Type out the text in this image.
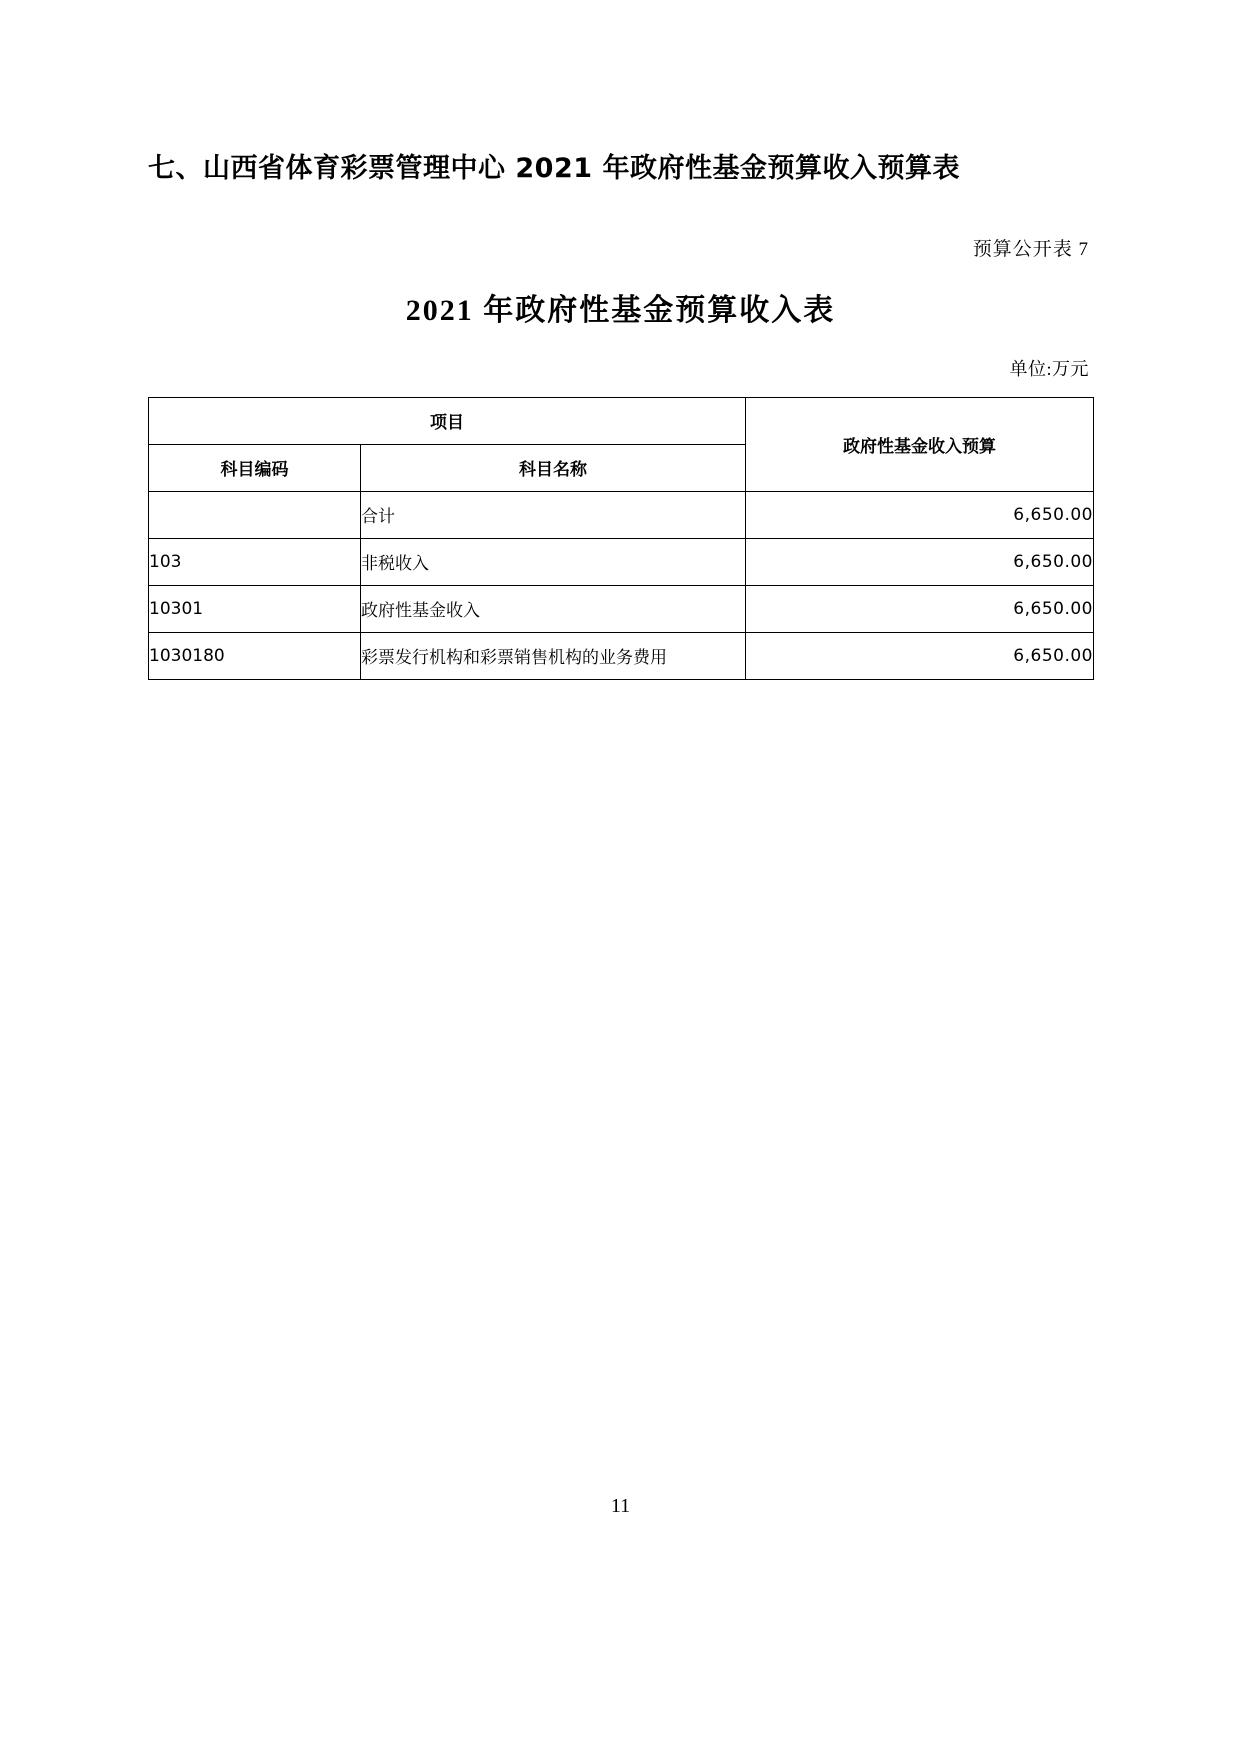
七、山西省体育彩票管理中心 2021 年政府性基金预算收入预算表
预算公开表 7
2021 年政府性基金预算收入表
单位:万元
项目		政府性基金收入预算
科目编码	科目名称	
	合计	6,650.00
103	非税收入	6,650.00
10301	政府性基金收入	6,650.00
1030180	彩票发行机构和彩票销售机构的业务费用	6,650.00
11
